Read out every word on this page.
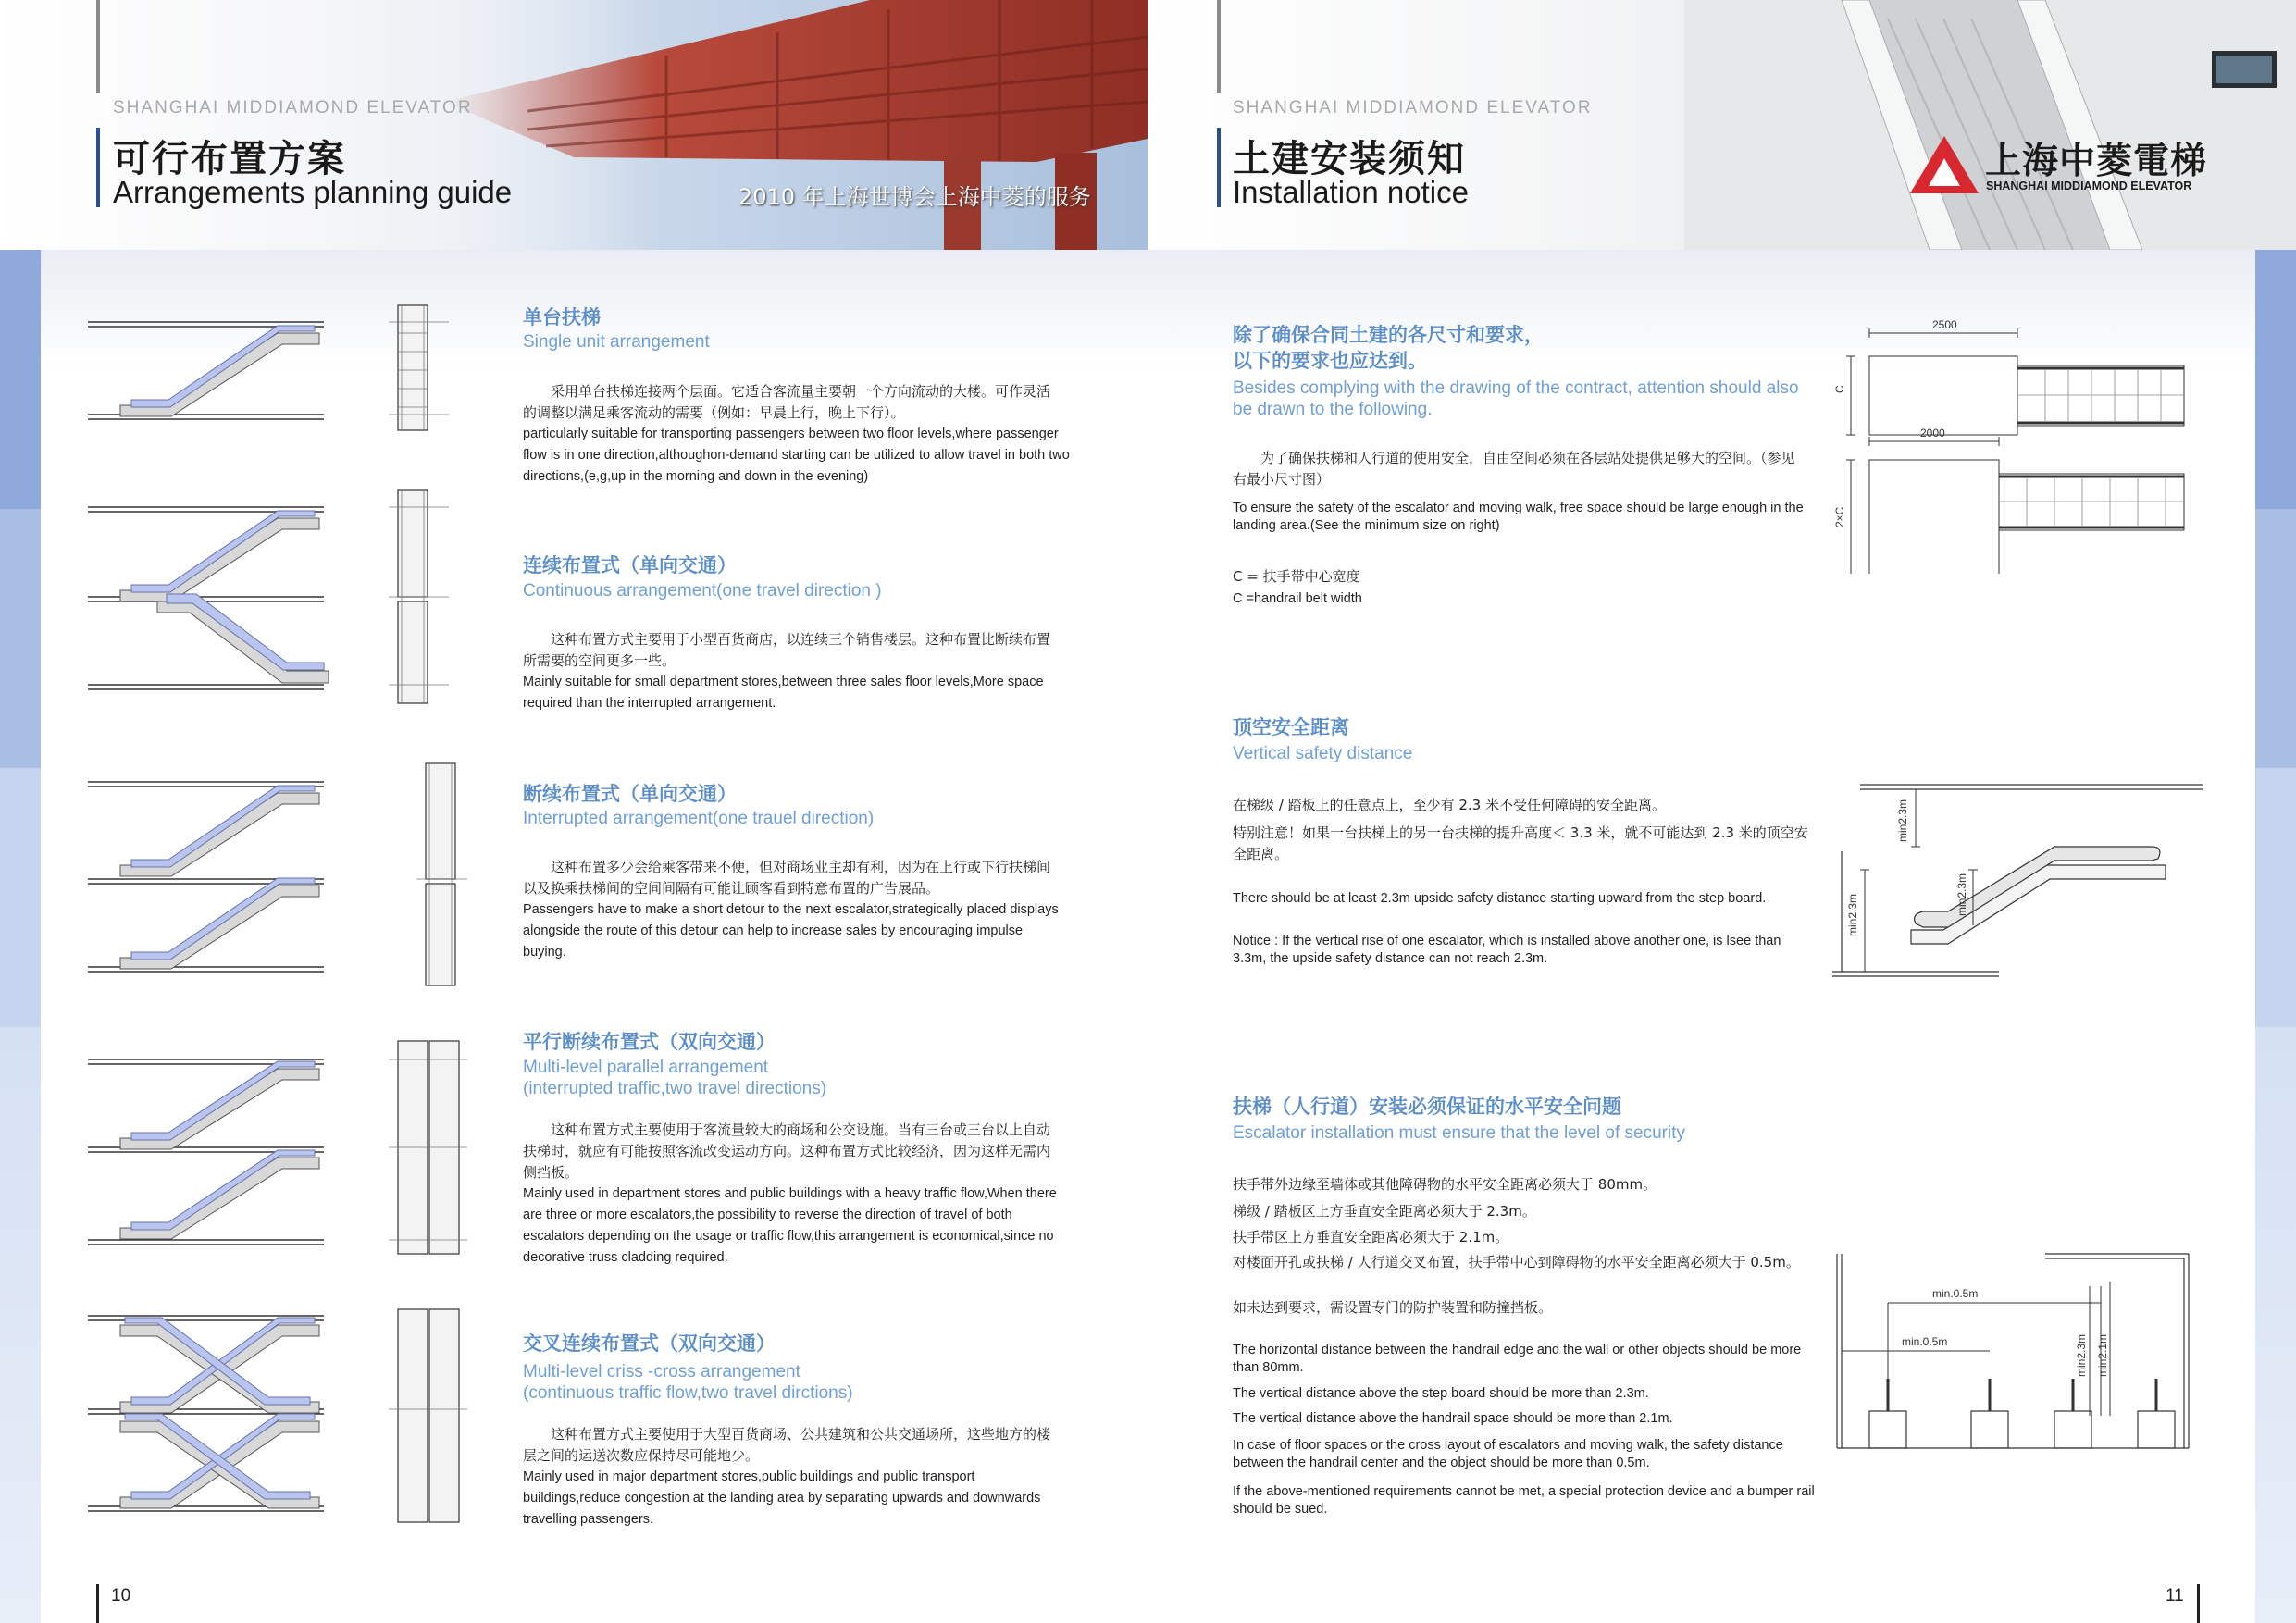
SHANGHAI MIDDIAMOND ELEVATOR
可行布置方案
Arrangements planning guide	2010 年上海世博会上海中菱的服务
SHANGHAI MIDDIAMOND ELEVATOR
土建安装须知
Installation notice
上海中菱電梯
SHANGHAI MIDDIAMOND ELEVATOR
单台扶梯
Single unit arrangement
采用单台扶梯连接两个层面。它适合客流量主要朝一个方向流动的大楼。可作灵活的调整以满足乘客流动的需要（例如：早晨上行，晚上下行）。
particularly suitable for transporting passengers between two floor levels,where passenger flow is in one direction,althoughon-demand starting can be utilized to allow travel in both two directions,(e,g,up in the morning and down in the evening)
连续布置式（单向交通）
Continuous arrangement(one travel direction )
这种布置方式主要用于小型百货商店，以连续三个销售楼层。这种布置比断续布置所需要的空间更多一些。
Mainly suitable for small department stores,between three sales floor levels,More space required than the interrupted arrangement.
断续布置式（单向交通）
Interrupted arrangement(one trauel direction)
这种布置多少会给乘客带来不便，但对商场业主却有利，因为在上行或下行扶梯间以及换乘扶梯间的空间间隔有可能让顾客看到特意布置的广告展品。
Passengers have to make a short detour to the next escalator,strategically placed displays alongside the route of this detour can help to increase sales by encouraging impulse buying.
平行断续布置式（双向交通）
Multi-level parallel arrangement
(interrupted traffic,two travel directions)
这种布置方式主要使用于客流量较大的商场和公交设施。当有三台或三台以上自动扶梯时，就应有可能按照客流改变运动方向。这种布置方式比较经济，因为这样无需内侧挡板。
Mainly used in department stores and public buildings with a heavy traffic flow,When there are three or more escalators,the possibility to reverse the direction of travel of both escalators depending on the usage or traffic flow,this arrangement is economical,since no decorative truss cladding required.
交叉连续布置式（双向交通）
Multi-level criss -cross arrangement
(continuous traffic flow,two travel dirctions)
这种布置方式主要使用于大型百货商场、公共建筑和公共交通场所，这些地方的楼层之间的运送次数应保持尽可能地少。
Mainly used in major department stores,public buildings and public transport buildings,reduce congestion at the landing area by separating upwards and downwards travelling passengers.
10
除了确保合同土建的各尺寸和要求，
以下的要求也应达到。
Besides complying with the drawing of the contract, attention should also be drawn to the following.
为了确保扶梯和人行道的使用安全，自由空间必须在各层站处提供足够大的空间。（参见右最小尺寸图）
To ensure the safety of the escalator and moving walk, free space should be large enough in the landing area.(See the minimum size on right)
C = 扶手带中心宽度
C =handrail belt width
2500
2000
C
2×C
顶空安全距离
Vertical safety distance
在梯级 / 踏板上的任意点上，至少有 2.3 米不受任何障碍的安全距离。
特别注意！如果一台扶梯上的另一台扶梯的提升高度＜ 3.3 米，就不可能达到 2.3 米的顶空安全距离。
There should be at least 2.3m upside safety distance starting upward from the step board.
Notice : If the vertical rise of one escalator, which is installed above another one, is lsee than 3.3m, the upside safety distance can not reach 2.3m.
min2.3m
min2.3m	min2.3m
扶梯（人行道）安装必须保证的水平安全问题
Escalator installation must ensure that the level of security
扶手带外边缘至墙体或其他障碍物的水平安全距离必须大于 80mm。
梯级 / 踏板区上方垂直安全距离必须大于 2.3m。
扶手带区上方垂直安全距离必须大于 2.1m。
对楼面开孔或扶梯 / 人行道交叉布置，扶手带中心到障碍物的水平安全距离必须大于 0.5m。
如未达到要求，需设置专门的防护装置和防撞挡板。
The horizontal distance between the handrail edge and the wall or other objects should be more than 80mm.
The vertical distance above the step board should be more than 2.3m.
The vertical distance above the handrail space should be more than 2.1m.
In case of floor spaces or the cross layout of escalators and moving walk, the safety distance between the handrail center and the object should be more than 0.5m.
If the above-mentioned requirements cannot be met, a special protection device and a bumper rail should be sued.
min.0.5m
min.0.5m	min2.3m min2.1m
11
